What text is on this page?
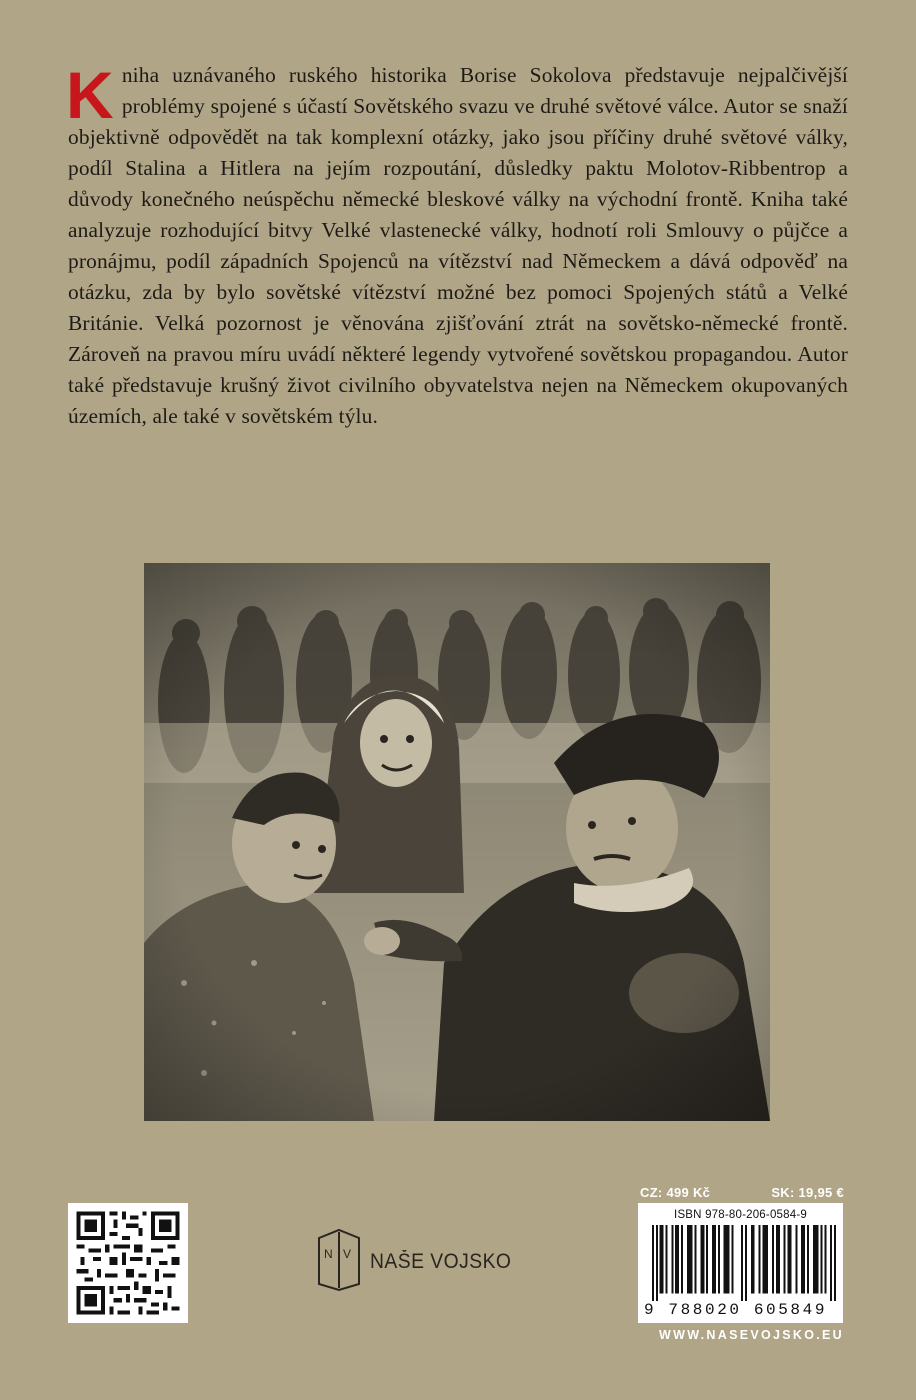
Kniha uznávaného ruského historika Borise Sokolova představuje nejpalčivější problémy spojené s účastí Sovětského svazu ve druhé světové válce. Autor se snaží objektivně odpovědět na tak komplexní otázky, jako jsou příčiny druhé světové války, podíl Stalina a Hitlera na jejím rozpoutání, důsledky paktu Molotov-Ribbentrop a důvody konečného neúspěchu německé bleskové války na východní frontě. Kniha také analyzuje rozhodující bitvy Velké vlastenecké války, hodnotí roli Smlouvy o půjčce a pronájmu, podíl západních Spojenců na vítězství nad Německem a dává odpověď na otázku, zda by bylo sovětské vítězství možné bez pomoci Spojených států a Velké Británie. Velká pozornost je věnována zjišťování ztrát na sovětsko-německé frontě. Zároveň na pravou míru uvádí některé legendy vytvořené sovětskou propagandou. Autor také představuje krušný život civilního obyvatelstva nejen na Německem okupovaných územích, ale také v sovětském týlu.

N V NAŠE VOJSKO
CZ: 499 Kč	SK: 19,95 €
ISBN 978-80-206-0584-9
9 788020 605849
WWW.NASEVOJSKO.EU
